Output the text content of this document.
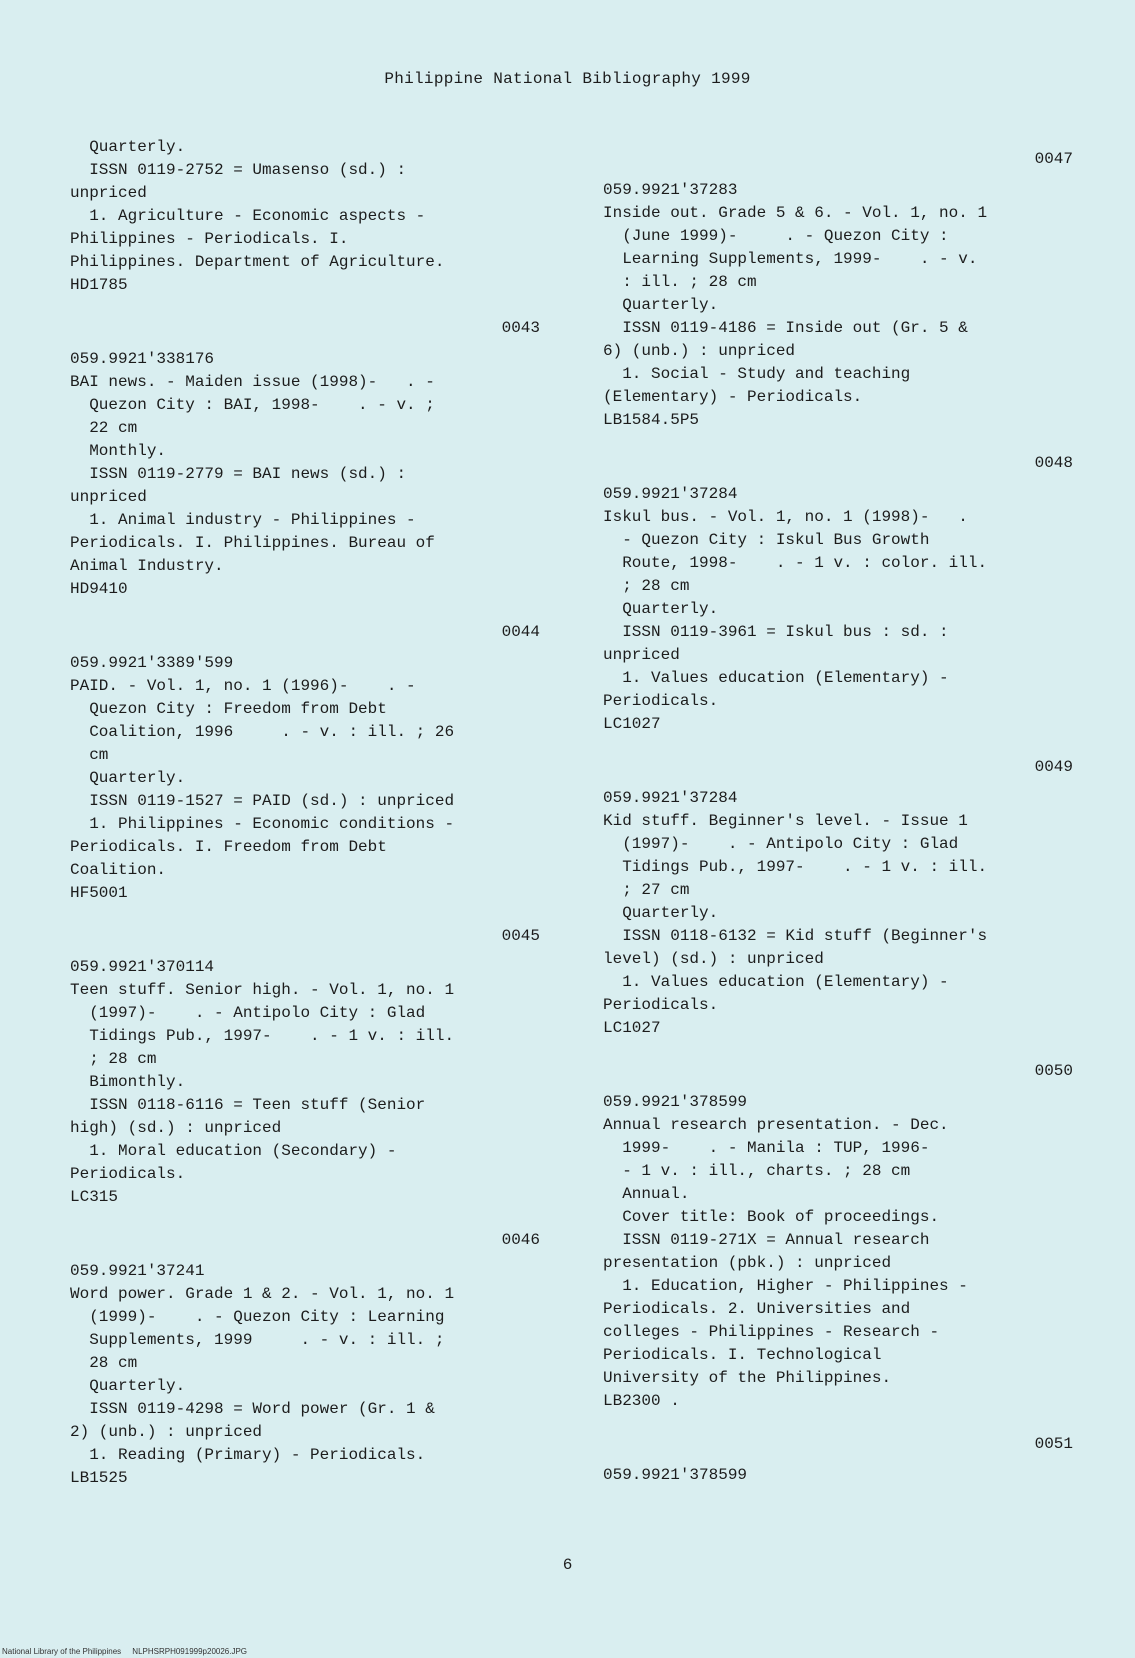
Philippine National Bibliography 1999
Quarterly.
ISSN 0119-2752 = Umasenso (sd.) :
unpriced
1. Agriculture - Economic aspects -
Philippines - Periodicals. I.
Philippines. Department of Agriculture.
HD1785
0043
059.9921'338176
BAI news. - Maiden issue (1998)-   . -
Quezon City : BAI, 1998-    . - v. ;
22 cm
Monthly.
ISSN 0119-2779 = BAI news (sd.) :
unpriced
1. Animal industry - Philippines -
Periodicals. I. Philippines. Bureau of
Animal Industry.
HD9410
0044
059.9921'3389'599
PAID. - Vol. 1, no. 1 (1996)-    . -
Quezon City : Freedom from Debt
Coalition, 1996     . - v. : ill. ; 26
cm
Quarterly.
ISSN 0119-1527 = PAID (sd.) : unpriced
1. Philippines - Economic conditions -
Periodicals. I. Freedom from Debt
Coalition.
HF5001
0045
059.9921'370114
Teen stuff. Senior high. - Vol. 1, no. 1
(1997)-    . - Antipolo City : Glad
Tidings Pub., 1997-    . - 1 v. : ill.
; 28 cm
Bimonthly.
ISSN 0118-6116 = Teen stuff (Senior
high) (sd.) : unpriced
1. Moral education (Secondary) -
Periodicals.
LC315
0046
059.9921'37241
Word power. Grade 1 & 2. - Vol. 1, no. 1
(1999)-    . - Quezon City : Learning
Supplements, 1999     . - v. : ill. ;
28 cm
Quarterly.
ISSN 0119-4298 = Word power (Gr. 1 &
2) (unb.) : unpriced
1. Reading (Primary) - Periodicals.
LB1525
0047
059.9921'37283
Inside out. Grade 5 & 6. - Vol. 1, no. 1
(June 1999)-     . - Quezon City :
Learning Supplements, 1999-    . - v.
: ill. ; 28 cm
Quarterly.
ISSN 0119-4186 = Inside out (Gr. 5 &
6) (unb.) : unpriced
1. Social - Study and teaching
(Elementary) - Periodicals.
LB1584.5P5
0048
059.9921'37284
Iskul bus. - Vol. 1, no. 1 (1998)-   .
- Quezon City : Iskul Bus Growth
Route, 1998-    . - 1 v. : color. ill.
; 28 cm
Quarterly.
ISSN 0119-3961 = Iskul bus : sd. :
unpriced
1. Values education (Elementary) -
Periodicals.
LC1027
0049
059.9921'37284
Kid stuff. Beginner's level. - Issue 1
(1997)-    . - Antipolo City : Glad
Tidings Pub., 1997-    . - 1 v. : ill.
; 27 cm
Quarterly.
ISSN 0118-6132 = Kid stuff (Beginner's
level) (sd.) : unpriced
1. Values education (Elementary) -
Periodicals.
LC1027
0050
059.9921'378599
Annual research presentation. - Dec.
1999-    . - Manila : TUP, 1996-
- 1 v. : ill., charts. ; 28 cm
Annual.
Cover title: Book of proceedings.
ISSN 0119-271X = Annual research
presentation (pbk.) : unpriced
1. Education, Higher - Philippines -
Periodicals. 2. Universities and
colleges - Philippines - Research -
Periodicals. I. Technological
University of the Philippines.
LB2300 .
0051
059.9921'378599
6
National Library of the Philippines     NLPHSRPH091999p20026.JPG
